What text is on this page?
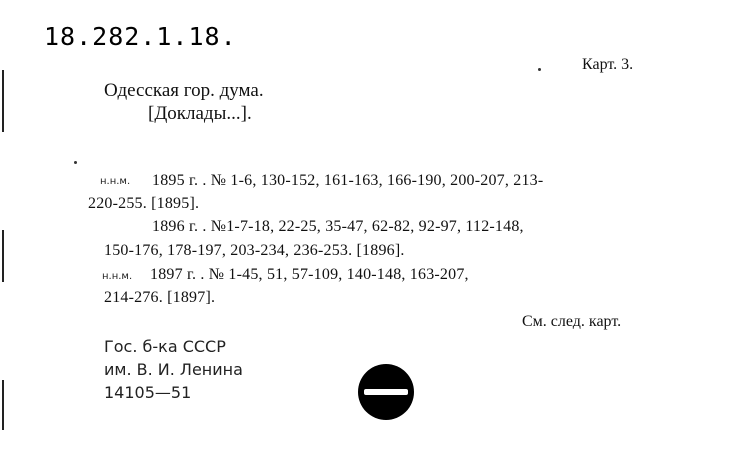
18.282.1.18.
Карт. 3.
Одесская гор. дума.
[Доклады...].
н.н.м. 1895 г. . № 1-6, 130-152, 161-163, 166-190, 200-207, 213-
220-255. [1895].
1896 г. . №1-7-18, 22-25, 35-47, 62-82, 92-97, 112-148,
150-176, 178-197, 203-234, 236-253. [1896].
н.н.м. 1897 г. . № 1-45, 51, 57-109, 140-148, 163-207,
214-276. [1897].
См. след. карт.
Гос. б-ка СССР
им. В. И. Ленина
14105—51
